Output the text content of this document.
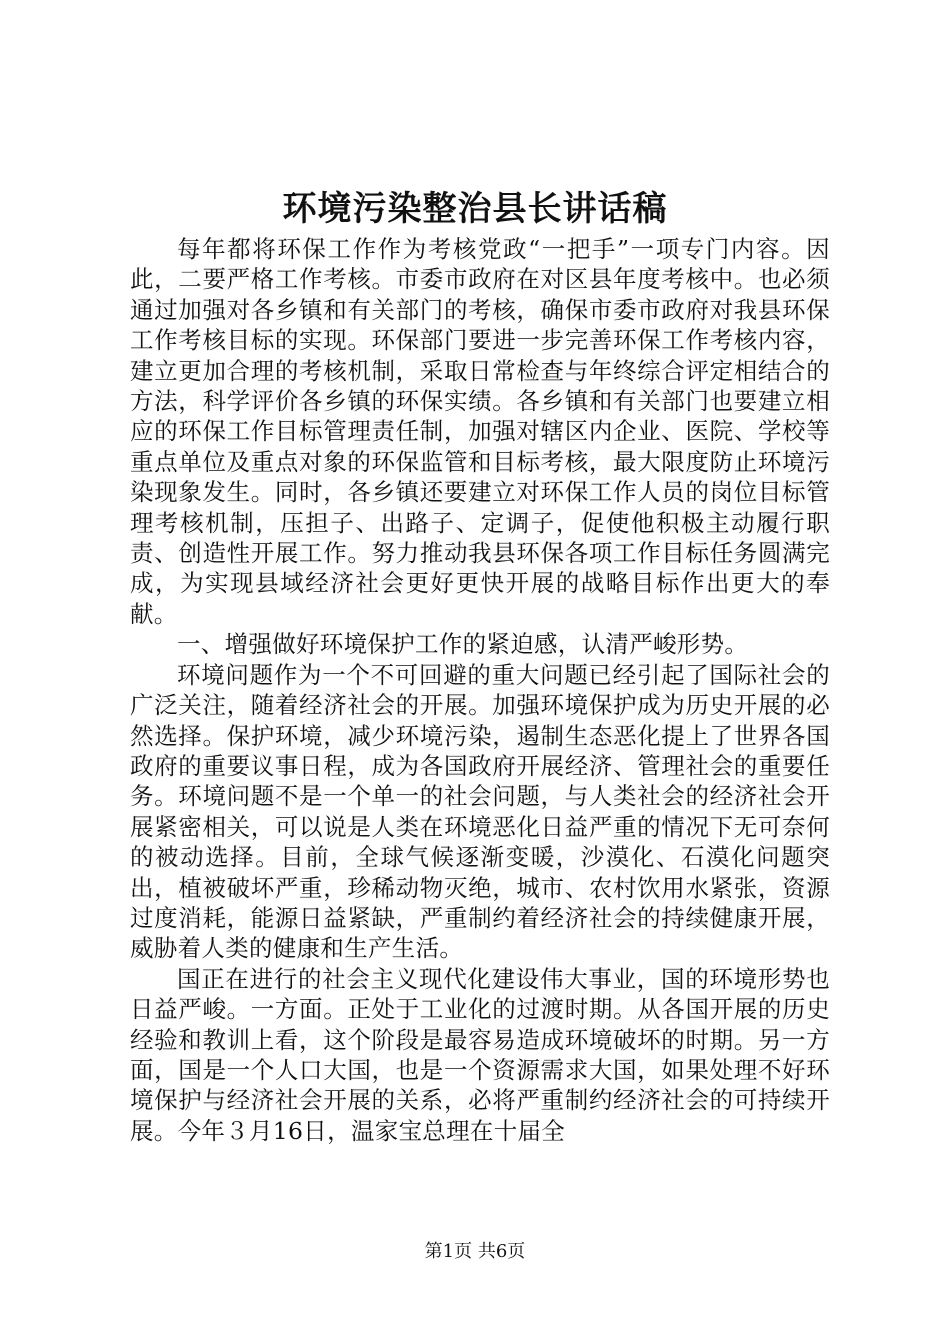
环境污染整治县长讲话稿

每年都将环保工作作为考核党政“一把手”一项专门内容。因此，二要严格工作考核。市委市政府在对区县年度考核中。也必须通过加强对各乡镇和有关部门的考核，确保市委市政府对我县环保工作考核目标的实现。环保部门要进一步完善环保工作考核内容，建立更加合理的考核机制，采取日常检查与年终综合评定相结合的方法，科学评价各乡镇的环保实绩。各乡镇和有关部门也要建立相应的环保工作目标管理责任制，加强对辖区内企业、医院、学校等重点单位及重点对象的环保监管和目标考核，最大限度防止环境污染现象发生。同时，各乡镇还要建立对环保工作人员的岗位目标管理考核机制，压担子、出路子、定调子，促使他积极主动履行职责、创造性开展工作。努力推动我县环保各项工作目标任务圆满完成，为实现县域经济社会更好更快开展的战略目标作出更大的奉献。

一、增强做好环境保护工作的紧迫感，认清严峻形势。

环境问题作为一个不可回避的重大问题已经引起了国际社会的广泛关注，随着经济社会的开展。加强环境保护成为历史开展的必然选择。保护环境，减少环境污染，遏制生态恶化提上了世界各国政府的重要议事日程，成为各国政府开展经济、管理社会的重要任务。环境问题不是一个单一的社会问题，与人类社会的经济社会开展紧密相关，可以说是人类在环境恶化日益严重的情况下无可奈何的被动选择。目前，全球气候逐渐变暖，沙漠化、石漠化问题突出，植被破坏严重，珍稀动物灭绝，城市、农村饮用水紧张，资源过度消耗，能源日益紧缺，严重制约着经济社会的持续健康开展，威胁着人类的健康和生产生活。

国正在进行的社会主义现代化建设伟大事业，国的环境形势也日益严峻。一方面。正处于工业化的过渡时期。从各国开展的历史经验和教训上看，这个阶段是最容易造成环境破坏的时期。另一方面，国是一个人口大国，也是一个资源需求大国，如果处理不好环境保护与经济社会开展的关系，必将严重制约经济社会的可持续开展。今年３月16日，温家宝总理在十届全

第1页 共6页
